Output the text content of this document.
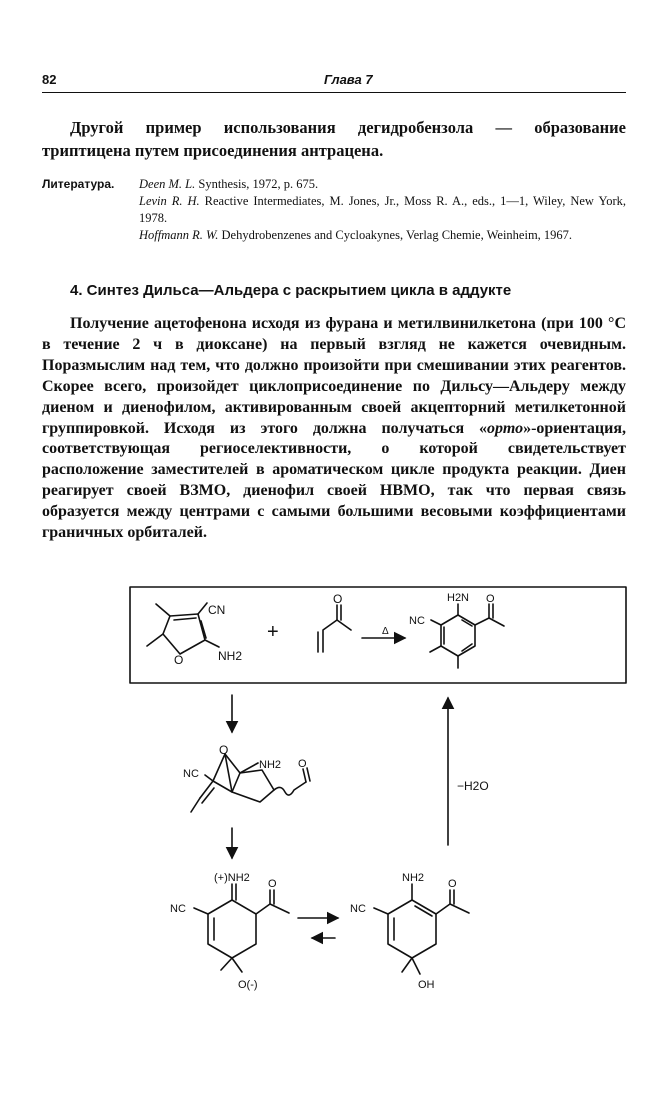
82	Глава 7

Другой пример использования дегидробензола — образование триптицена путем присоединения антрацена.

Литература. Deen M. L. Synthesis, 1972, p. 675.
Levin R. H. Reactive Intermediates, M. Jones, Jr., Moss R. A., eds., 1—1, Wiley, New York, 1978.
Hoffmann R. W. Dehydrobenzenes and Cycloakynes, Verlag Chemie, Weinheim, 1967.
4. Синтез Дильса—Альдера с раскрытием цикла в аддукте

Получение ацетофенона исходя из фурана и метилвинилкетона (при 100 °С в течение 2 ч в диоксане) на первый взгляд не кажется очевидным. Поразмыслим над тем, что должно произойти при смешивании этих реагентов. Скорее всего, произойдет циклоприсоединение по Дильсу—Альдеру между диеном и диенофилом, активированным своей акцепторний метилкетонной группировкой. Исходя из этого должна получаться «орто»-ориентация, соответствующая региоселективности, о которой свидетельствует расположение заместителей в ароматическом цикле продукта реакции. Диен реагирует своей ВЗМО, диенофил своей НВМО, так что первая связь образуется между центрами с самыми большими весовыми коэффициентами граничных орбиталей.

CN
O	NH2
+
O
Δ
H2N
NC
O
−H2O
O
NH2
NC
O
(+)NH2
NC
O
O(-)
NH2
NC
O
OH
